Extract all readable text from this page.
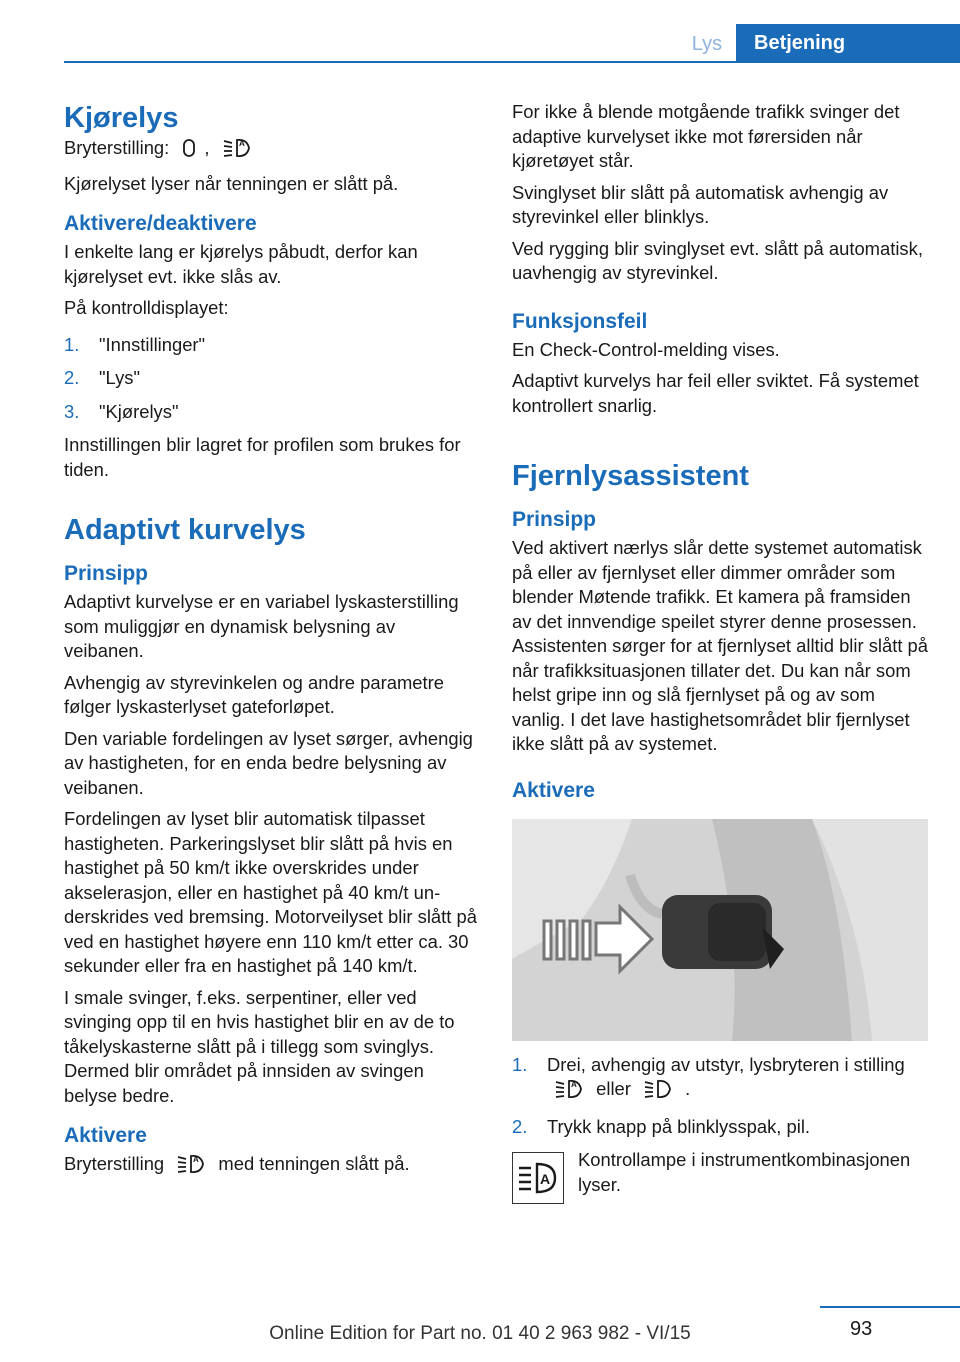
Lys	Betjening
Kjørelys

Bryterstilling: ,	A

Kjørelyset lyser når tenningen er slått på.

Aktivere/deaktivere

I enkelte lang er kjørelys påbudt, derfor kan kjørelyset evt. ikke slås av.

På kontrolldisplayet:

1.	"Innstillinger"
2.	"Lys"
3.	"Kjørelys"

Innstillingen blir lagret for profilen som brukes for tiden.

Adaptivt kurvelys
Prinsipp

Adaptivt kurvelyse er en variabel lyskasterstilling som muliggjør en dynamisk belysning av veibanen.

Avhengig av styrevinkelen og andre parametre følger lyskasterlyset gateforløpet.

Den variable fordelingen av lyset sørger, avhengig av hastigheten, for en enda bedre belysning av veibanen.

Fordelingen av lyset blir automatisk tilpasset hastigheten. Parkeringslyset blir slått på hvis en hastighet på 50 km/t ikke overskrides under akselerasjon, eller en hastighet på 40 km/t underskrides ved bremsing. Motorveilyset blir slått på ved en hastighet høyere enn 110 km/t etter ca. 30 sekunder eller fra en hastighet på 140 km/t.

I smale svinger, f.eks. serpentiner, eller ved svinging opp til en hvis hastighet blir en av de to tåkelyskasterne slått på i tillegg som svinglys. Dermed blir området på innsiden av svingen belyse bedre.

Aktivere

Bryterstilling	A med tenningen slått på.

For ikke å blende motgående trafikk svinger det adaptive kurvelyset ikke mot førersiden når kjøretøyet står.

Svinglyset blir slått på automatisk avhengig av styrevinkel eller blinklys.

Ved rygging blir svinglyset evt. slått på automatisk, uavhengig av styrevinkel.

Funksjonsfeil

En Check-Control-melding vises.

Adaptivt kurvelys har feil eller sviktet. Få systemet kontrollert snarlig.

Fjernlysassistent
Prinsipp

Ved aktivert nærlys slår dette systemet automatisk på eller av fjernlyset eller dimmer områder som blender Møtende trafikk. Et kamera på framsiden av det innvendige speilet styrer denne prosessen. Assistenten sørger for at fjernlyset alltid blir slått på når trafikksituasjonen tillater det. Du kan når som helst gripe inn og slå fjernlyset på og av som vanlig. I det lave hastighetsområdet blir fjernlyset ikke slått på av systemet.

Aktivere
1.	Drei, avhengig av utstyr, lysbryteren i stilling
A eller	.
2.	Trykk knapp på blinklysspak, pil.
A

Kontrollampe i instrumentkombinasjonen lyser.

93
Online Edition for Part no. 01 40 2 963 982 - VI/15
